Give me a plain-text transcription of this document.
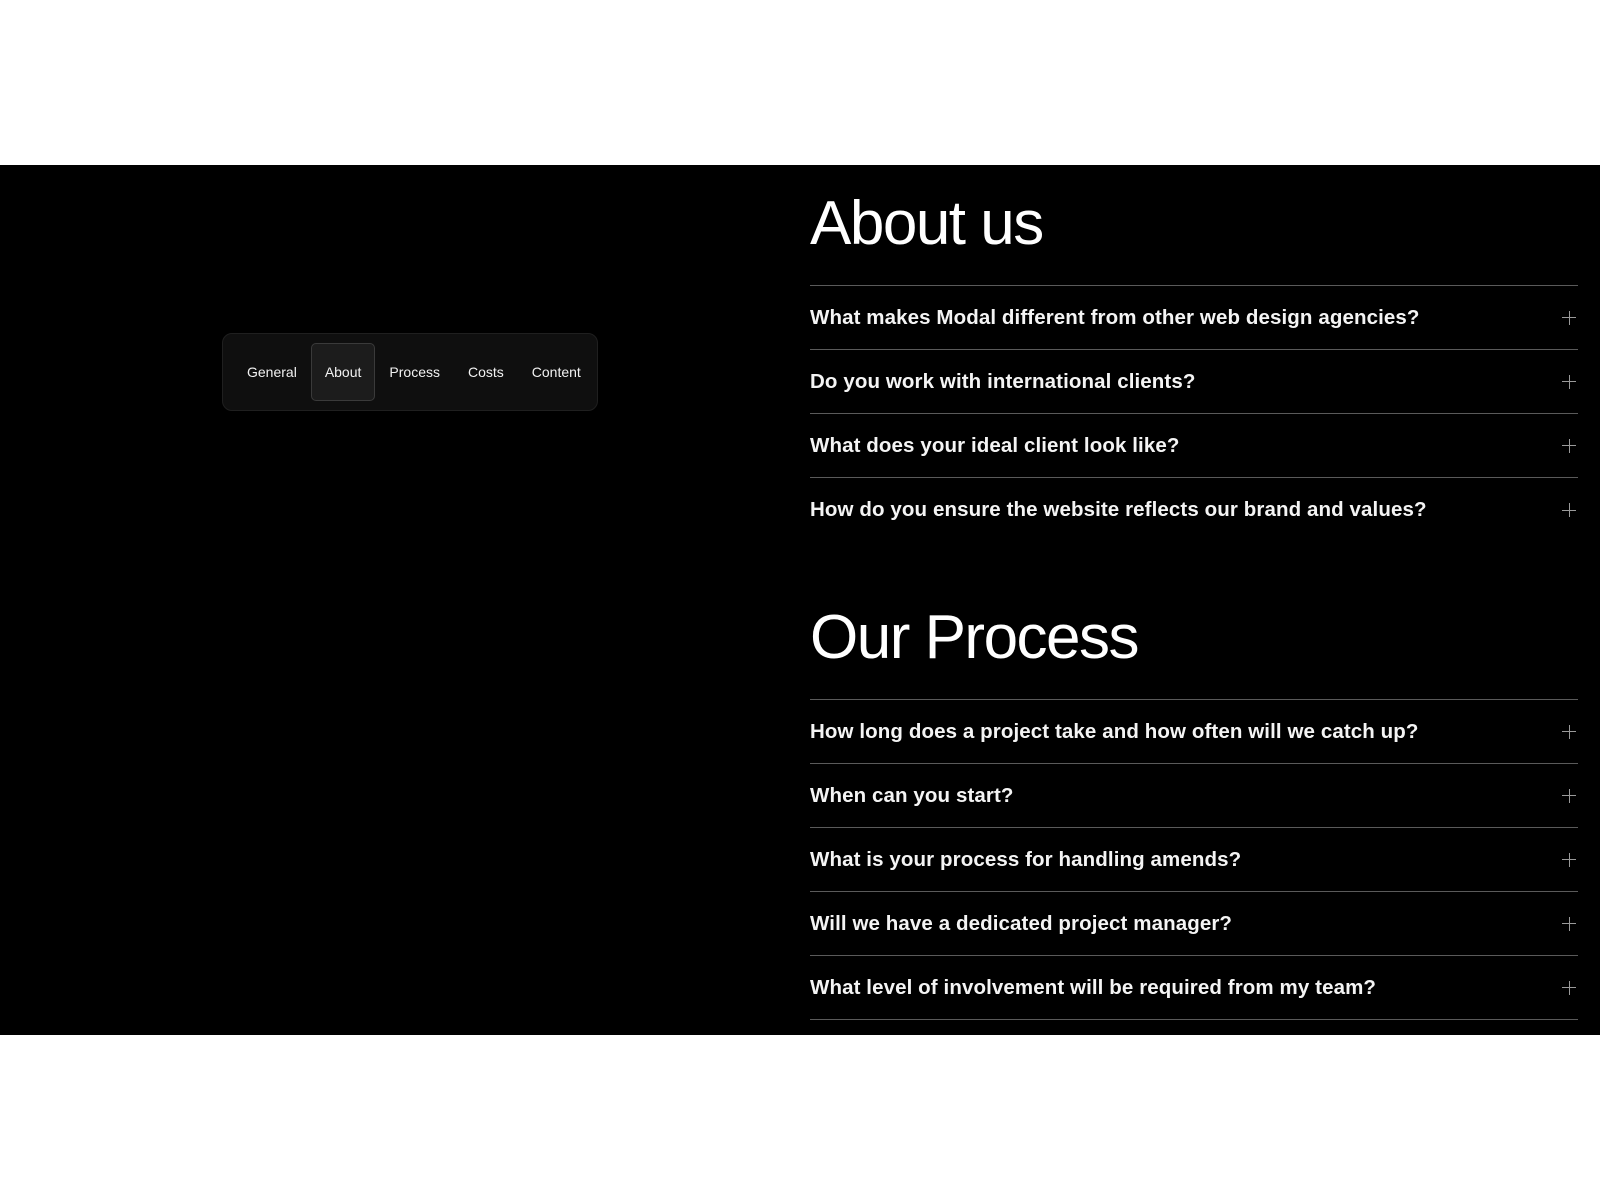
General	About	Process	Costs	Content
About us
What makes Modal different from other web design agencies?
Do you work with international clients?
What does your ideal client look like?
How do you ensure the website reflects our brand and values?
Our Process
How long does a project take and how often will we catch up?
When can you start?
What is your process for handling amends?
Will we have a dedicated project manager?
What level of involvement will be required from my team?
